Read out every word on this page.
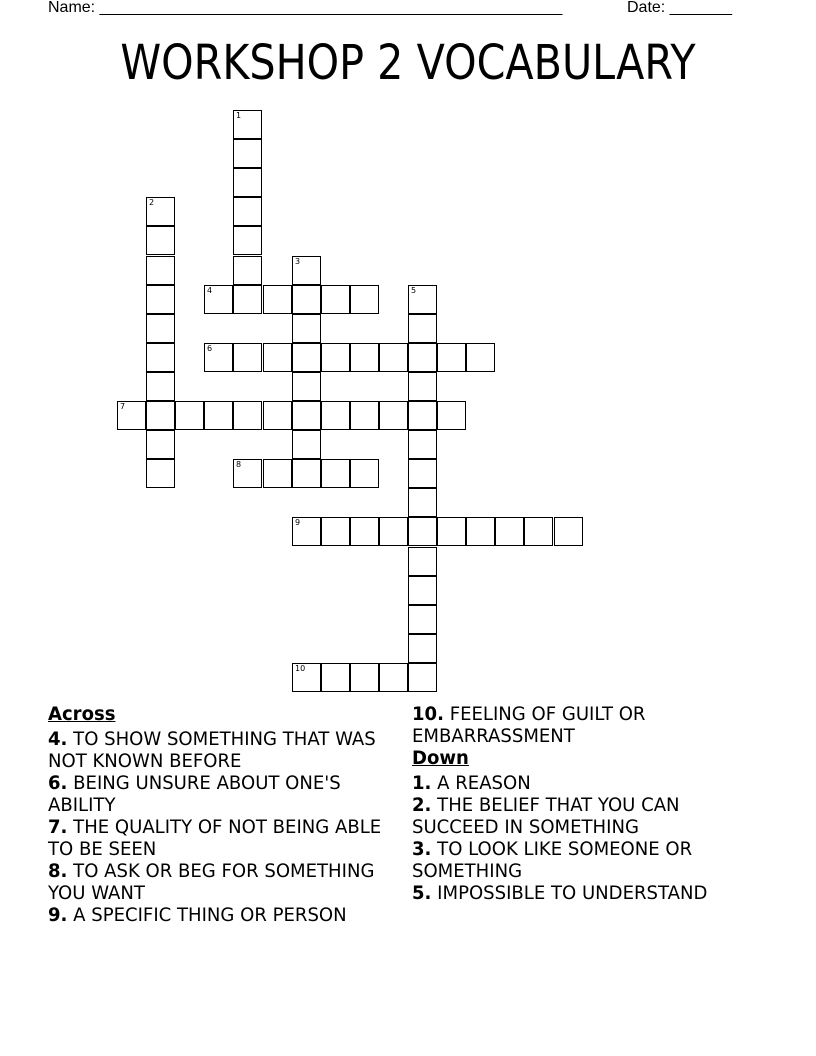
Name: ____________________________________________________	Date: _______
WORKSHOP 2 VOCABULARY
1
2
3
4	5
6
7
8
9
10
Across

4. TO SHOW SOMETHING THAT WAS NOT KNOWN BEFORE

6. BEING UNSURE ABOUT ONE'S ABILITY

7. THE QUALITY OF NOT BEING ABLE TO BE SEEN

8. TO ASK OR BEG FOR SOMETHING YOU WANT

9. A SPECIFIC THING OR PERSON

10. FEELING OF GUILT OR EMBARRASSMENT

Down

1. A REASON

2. THE BELIEF THAT YOU CAN SUCCEED IN SOMETHING

3. TO LOOK LIKE SOMEONE OR SOMETHING

5. IMPOSSIBLE TO UNDERSTAND
